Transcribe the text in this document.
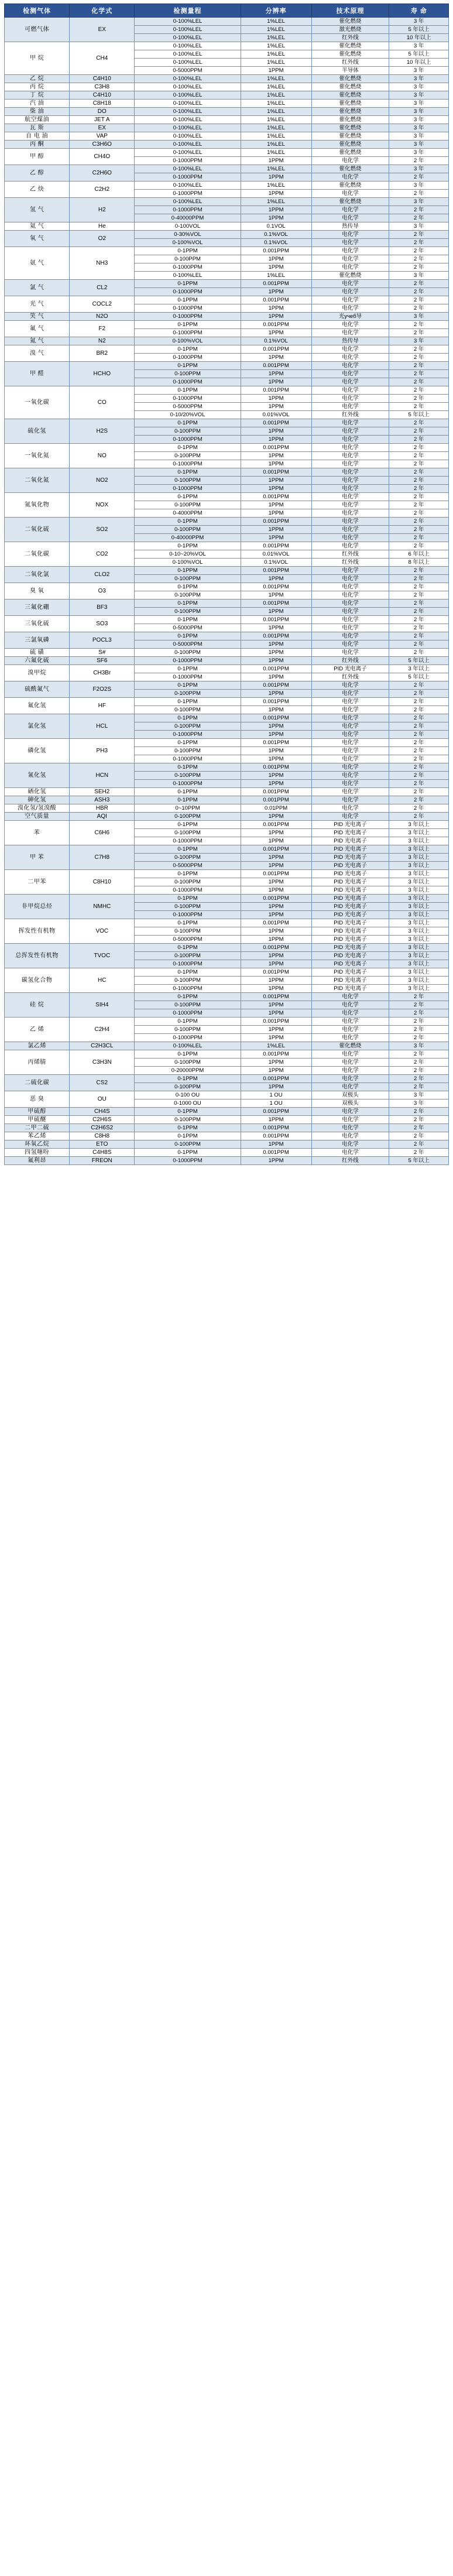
检测气体	化学式	检测量程	分辨率	技术原理	寿 命
可燃气体	EX	0-100%LEL	1%LEL	催化燃烧	3 年
		0-100%LEL	1%LEL	激光燃烧	5 年以上
		0-100%LEL	1%LEL	红外线	10 年以上
甲 烷	CH4	0-100%LEL	1%LEL	催化燃烧	3 年
		0-100%LEL	1%LEL	催化燃烧	5 年以上
		0-100%LEL	1%LEL	红外线	10 年以上
		0-5000PPM	1PPM	半导体	3 年
乙 烷	C4H10	0-100%LEL	1%LEL	催化燃烧	3 年
丙 烷	C3H8	0-100%LEL	1%LEL	催化燃烧	3 年
丁 烷	C4H10	0-100%LEL	1%LEL	催化燃烧	3 年
汽 油	C8H18	0-100%LEL	1%LEL	催化燃烧	3 年
柴 油	DO	0-100%LEL	1%LEL	催化燃烧	3 年
航空煤油	JET A	0-100%LEL	1%LEL	催化燃烧	3 年
瓦 斯	EX	0-100%LEL	1%LEL	催化燃烧	3 年
自 电 油	VAP	0-100%LEL	1%LEL	催化燃烧	3 年
丙 酮	C3H6O	0-100%LEL	1%LEL	催化燃烧	3 年
甲 醇	CH4O	0-100%LEL	1%LEL	催化燃烧	3 年
		0-1000PPM	1PPM	电化学	2 年
乙 醇	C2H6O	0-100%LEL	1%LEL	催化燃烧	3 年
		0-1000PPM	1PPM	电化学	2 年
乙 炔	C2H2	0-100%LEL	1%LEL	催化燃烧	3 年
		0-1000PPM	1PPM	电化学	2 年
氢 气	H2	0-100%LEL	1%LEL	催化燃烧	3 年
		0-1000PPM	1PPM	电化学	2 年
		0-40000PPM	1PPM	电化学	2 年
氦 气	He	0-100VOL	0.1VOL	热传导	3 年
氧 气	O2	0-30%VOL	0.1%VOL	电化学	2 年
		0-100%VOL	0.1%VOL	电化学	2 年
氨 气	NH3	0-1PPM	0.001PPM	电化学	2 年
		0-100PPM	1PPM	电化学	2 年
		0-1000PPM	1PPM	电化学	2 年
		0-100%LEL	1%LEL	催化燃烧	3 年
氯 气	CL2	0-1PPM	0.001PPM	电化学	2 年
		0-1000PPM	1PPM	电化学	2 年
光 气	COCL2	0-1PPM	0.001PPM	电化学	2 年
		0-1000PPM	1PPM	电化学	2 年
笑 气	N2O	0-1000PPM	1PPM	光учеб导	3 年
氟 气	F2	0-1PPM	0.001PPM	电化学	2 年
		0-1000PPM	1PPM	电化学	2 年
氮 气	N2	0-100%VOL	0.1%VOL	热传导	3 年
溴 气	BR2	0-1PPM	0.001PPM	电化学	2 年
		0-1000PPM	1PPM	电化学	2 年
甲 醛	HCHO	0-1PPM	0.001PPM	电化学	2 年
		0-100PPM	1PPM	电化学	2 年
		0-1000PPM	1PPM	电化学	2 年
一氧化碳	CO	0-1PPM	0.001PPM	电化学	2 年
		0-1000PPM	1PPM	电化学	2 年
		0-5000PPM	1PPM	电化学	2 年
		0-10/20%VOL	0.01%VOL	红外线	5 年以上
硫化氢	H2S	0-1PPM	0.001PPM	电化学	2 年
		0-100PPM	1PPM	电化学	2 年
		0-1000PPM	1PPM	电化学	2 年
一氧化氮	NO	0-1PPM	0.001PPM	电化学	2 年
		0-100PPM	1PPM	电化学	2 年
		0-1000PPM	1PPM	电化学	2 年
二氧化氮	NO2	0-1PPM	0.001PPM	电化学	2 年
		0-100PPM	1PPM	电化学	2 年
		0-1000PPM	1PPM	电化学	2 年
氮氧化物	NOX	0-1PPM	0.001PPM	电化学	2 年
		0-100PPM	1PPM	电化学	2 年
		0-4000PPM	1PPM	电化学	2 年
二氧化硫	SO2	0-1PPM	0.001PPM	电化学	2 年
		0-100PPM	1PPM	电化学	2 年
		0-40000PPM	1PPM	电化学	2 年
二氧化碳	CO2	0-1PPM	0.001PPM	电化学	2 年
		0-10~20%VOL	0.01%VOL	红外线	6 年以上
		0-100%VOL	0.1%VOL	红外线	8 年以上
二氧化氯	CLO2	0-1PPM	0.001PPM	电化学	2 年
		0-100PPM	1PPM	电化学	2 年
臭 氧	O3	0-1PPM	0.001PPM	电化学	2 年
		0-100PPM	1PPM	电化学	2 年
三氟化硼	BF3	0-1PPM	0.001PPM	电化学	2 年
		0-100PPM	1PPM	电化学	2 年
三氧化硫	SO3	0-1PPM	0.001PPM	电化学	2 年
		0-5000PPM	1PPM	电化学	2 年
三氯氧磷	POCL3	0-1PPM	0.001PPM	电化学	2 年
		0-5000PPM	1PPM	电化学	2 年
硫 磺	S#	0-100PPM	1PPM	电化学	2 年
六氟化硫	SF6	0-1000PPM	1PPM	红外线	5 年以上
溴甲烷	CH3Br	0-1PPM	0.001PPM	PID 光电离子	3 年以上
		0-1000PPM	1PPM	红外线	5 年以上
硫酰氟气	F2O2S	0-1PPM	0.001PPM	电化学	2 年
		0-100PPM	1PPM	电化学	2 年
氟化氢	HF	0-1PPM	0.001PPM	电化学	2 年
		0-100PPM	1PPM	电化学	2 年
氯化氢	HCL	0-1PPM	0.001PPM	电化学	2 年
		0-100PPM	1PPM	电化学	2 年
		0-1000PPM	1PPM	电化学	2 年
磷化氢	PH3	0-1PPM	0.001PPM	电化学	2 年
		0-100PPM	1PPM	电化学	2 年
		0-1000PPM	1PPM	电化学	2 年
氰化氢	HCN	0-1PPM	0.001PPM	电化学	2 年
		0-100PPM	1PPM	电化学	2 年
		0-1000PPM	1PPM	电化学	2 年
硒化氢	SEH2	0-1PPM	0.001PPM	电化学	2 年
砷化氢	ASH3	0-1PPM	0.001PPM	电化学	2 年
溴化氢/氢溴酸	HBR	0~10PPM	0.01PPM	电化学	2 年
空气质量	AQI	0-100PPM	1PPM	电化学	2 年
苯	C6H6	0-1PPM	0.001PPM	PID 光电离子	3 年以上
		0-100PPM	1PPM	PID 光电离子	3 年以上
		0-1000PPM	1PPM	PID 光电离子	3 年以上
甲 苯	C7H8	0-1PPM	0.001PPM	PID 光电离子	3 年以上
		0-100PPM	1PPM	PID 光电离子	3 年以上
		0-5000PPM	1PPM	PID 光电离子	3 年以上
二甲苯	C8H10	0-1PPM	0.001PPM	PID 光电离子	3 年以上
		0-100PPM	1PPM	PID 光电离子	3 年以上
		0-1000PPM	1PPM	PID 光电离子	3 年以上
非甲烷总烃	NMHC	0-1PPM	0.001PPM	PID 光电离子	3 年以上
		0-100PPM	1PPM	PID 光电离子	3 年以上
		0-1000PPM	1PPM	PID 光电离子	3 年以上
挥发性有机物	VOC	0-1PPM	0.001PPM	PID 光电离子	3 年以上
		0-100PPM	1PPM	PID 光电离子	3 年以上
		0-5000PPM	1PPM	PID 光电离子	3 年以上
总挥发性有机物	TVOC	0-1PPM	0.001PPM	PID 光电离子	3 年以上
		0-100PPM	1PPM	PID 光电离子	3 年以上
		0-1000PPM	1PPM	PID 光电离子	3 年以上
碳氢化合物	HC	0-1PPM	0.001PPM	PID 光电离子	3 年以上
		0-100PPM	1PPM	PID 光电离子	3 年以上
		0-1000PPM	1PPM	PID 光电离子	3 年以上
硅 烷	SIH4	0-1PPM	0.001PPM	电化学	2 年
		0-100PPM	1PPM	电化学	2 年
		0-1000PPM	1PPM	电化学	2 年
乙 烯	C2H4	0-1PPM	0.001PPM	电化学	2 年
		0-100PPM	1PPM	电化学	2 年
		0-1000PPM	1PPM	电化学	2 年
氯乙烯	C2H3CL	0-100%LEL	1%LEL	催化燃烧	3 年
丙烯腈	C3H3N	0-1PPM	0.001PPM	电化学	2 年
		0-100PPM	1PPM	电化学	2 年
		0-20000PPM	1PPM	电化学	2 年
二硫化碳	CS2	0-1PPM	0.001PPM	电化学	2 年
		0-100PPM	1PPM	电化学	2 年
恶 臭	OU	0-100 OU	1 OU	双极头	3 年
		0-1000 OU	1 OU	双极头	3 年
甲硫醇	CH4S	0-1PPM	0.001PPM	电化学	2 年
甲硫醚	C2H6S	0-100PPM	1PPM	电化学	2 年
二甲二硫	C2H6S2	0-1PPM	0.001PPM	电化学	2 年
苯乙烯	C8H8	0-1PPM	0.001PPM	电化学	2 年
环氧乙烷	ETO	0-100PPM	1PPM	电化学	2 年
四氢噻吩	C4H8S	0-1PPM	0.001PPM	电化学	2 年
氟利昂	FREON	0-1000PPM	1PPM	红外线	5 年以上
